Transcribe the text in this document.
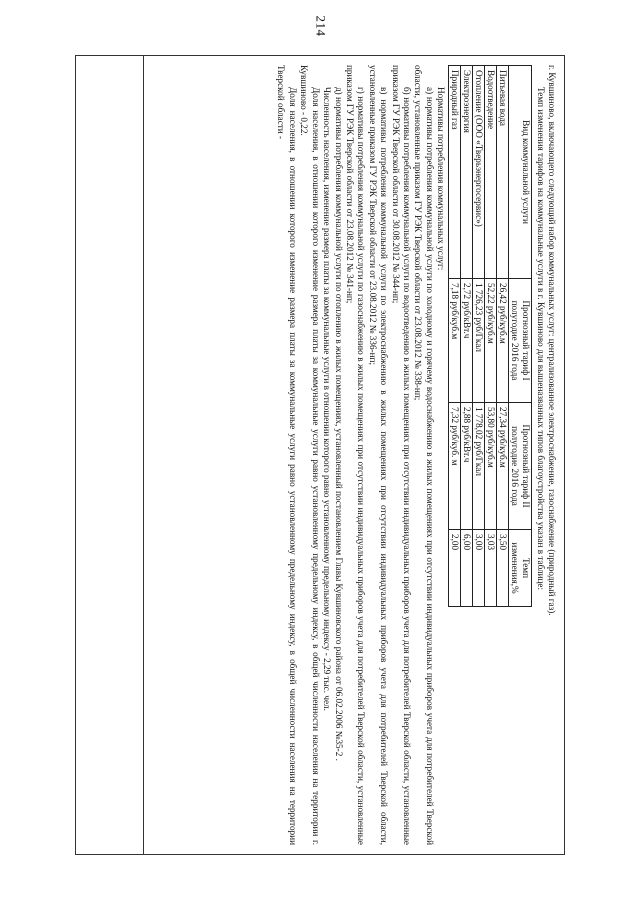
214

г. Кувшиново, включающего следующий набор коммунальных услуг: централизованное электроснабжение, газоснабжение (природный газ).

Темп изменения тарифов на коммунальные услуги в г. Кувшиново для вышеназванных типов благоустройства указан в таблице:

Вид коммунальной услуги	Прогнозный тариф I полугодие 2016 года	Прогнозный тариф II полугодие 2016 года	Темп изменения,%
Питьевая вода	26,42 руб/куб.м	27,34 руб/куб.м	3,50
Водоотведение	52,22 руб/куб.м	53,80 руб/куб.м	3,03
Отопление (ООО «Тверьэнергосервис»)	1 726,23 руб/Гкал	1 778,02 руб/Гкал	3,00
Электроэнергия	2,72 руб/кВт.ч	2,88 руб/кВт.ч	6,00
Природный газ	7,18 руб/куб.м	7,32 руб/куб. м	2,00

Нормативы потребления коммунальных услуг:

а) нормативы потребления коммунальной услуги по холодному и горячему водоснабжению в жилых помещениях при отсутствии индивидуальных приборов учета для потребителей Тверской области, установленные приказом ГУ РЭК Тверской области от 23.08.2012 № 338-нп;

б) нормативы потребления коммунальной услуги по водоотведению в жилых помещениях при отсутствии индивидуальных приборов учета для потребителей Тверской области, установленные приказом ГУ РЭК Тверской области от 30.08.2012 № 344-нп;

в) нормативы потребления коммунальной услуги по электроснабжению в жилых помещениях при отсутствии индивидуальных приборов учета для потребителей Тверской области, установленные приказом ГУ РЭК Тверской области от 23.08.2012 № 336-нп;

г) нормативы потребления коммунальной услуги по газоснабжению в жилых помещениях при отсутствии индивидуальных приборов учета для потребителей Тверской области, установленные приказом ГУ РЭК Тверской области от 23.08.2012 № 341-нп;

д) нормативы потребления коммунальной услуги по отоплению в жилых помещениях, установленный постановлением Главы Кувшиновского района от 06.02.2006 №35-2 .

Численность населения, изменение размера платы за коммунальные услуги в отношении которого равно установленному предельному индексу - 2,29 тыс. чел.

Доля населения, в отношении которого изменение размера платы за коммунальные услуги равно установленному предельному индексу, в общей численности населения на территории г. Кувшиново - 0,22.

Доля населения, в отношении которого изменение размера платы за коммунальные услуги равно установленному предельному индексу, в общей численности населения на территории Тверской области -
